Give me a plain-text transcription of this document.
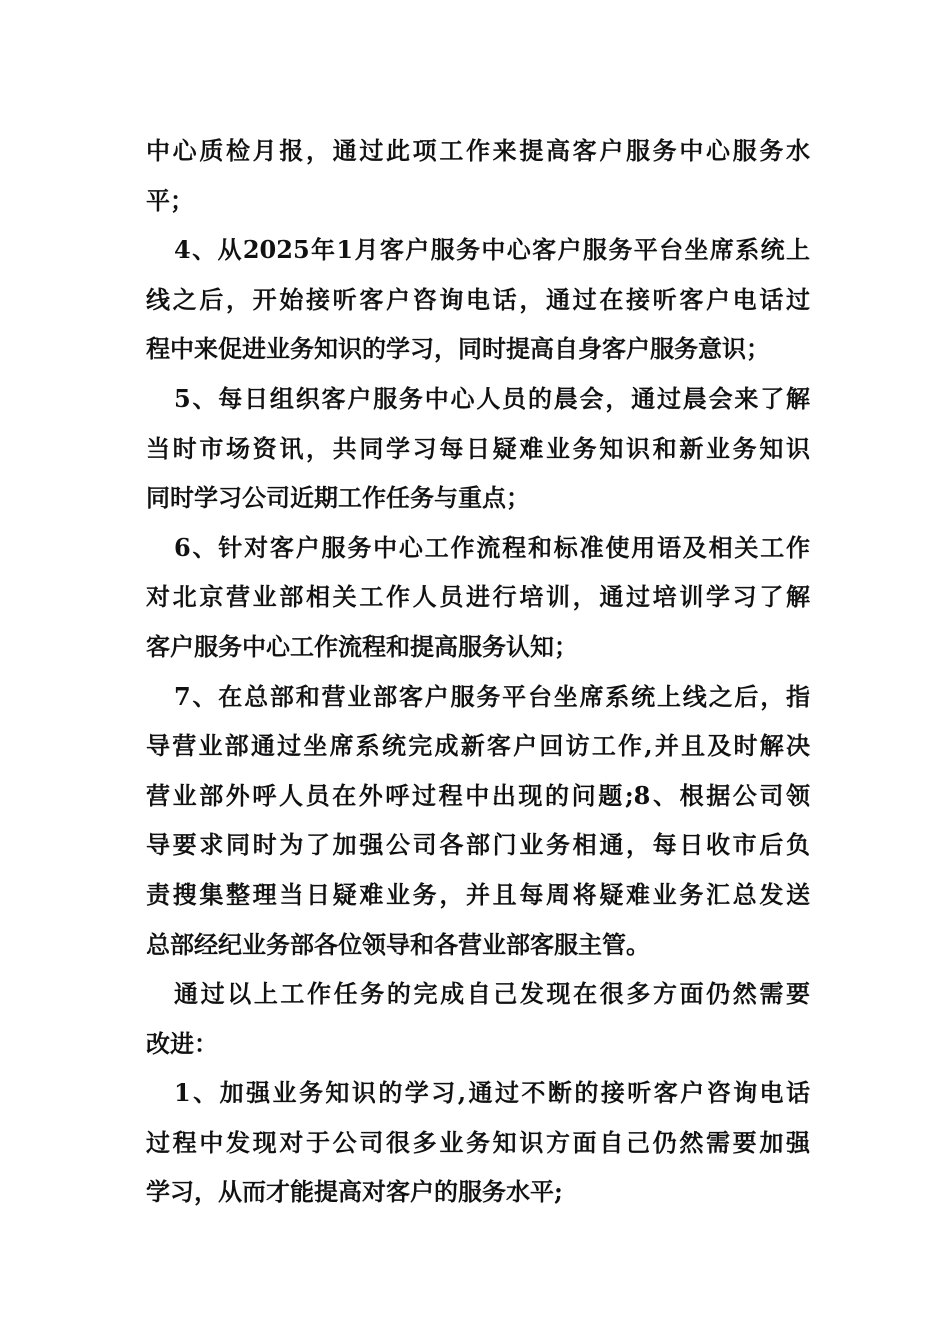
中心质检月报，通过此项工作来提高客户服务中心服务水
平；
4、从2025年1月客户服务中心客户服务平台坐席系统上
线之后，开始接听客户咨询电话，通过在接听客户电话过
程中来促进业务知识的学习，同时提高自身客户服务意识；
5、每日组织客户服务中心人员的晨会，通过晨会来了解
当时市场资讯，共同学习每日疑难业务知识和新业务知识
同时学习公司近期工作任务与重点；
6、针对客户服务中心工作流程和标准使用语及相关工作
对北京营业部相关工作人员进行培训，通过培训学习了解
客户服务中心工作流程和提高服务认知；
7、在总部和营业部客户服务平台坐席系统上线之后，指
导营业部通过坐席系统完成新客户回访工作,并且及时解决
营业部外呼人员在外呼过程中出现的问题;8、根据公司领
导要求同时为了加强公司各部门业务相通，每日收市后负
责搜集整理当日疑难业务，并且每周将疑难业务汇总发送
总部经纪业务部各位领导和各营业部客服主管。
通过以上工作任务的完成自己发现在很多方面仍然需要
改进：
1、加强业务知识的学习,通过不断的接听客户咨询电话
过程中发现对于公司很多业务知识方面自己仍然需要加强
学习，从而才能提高对客户的服务水平;
